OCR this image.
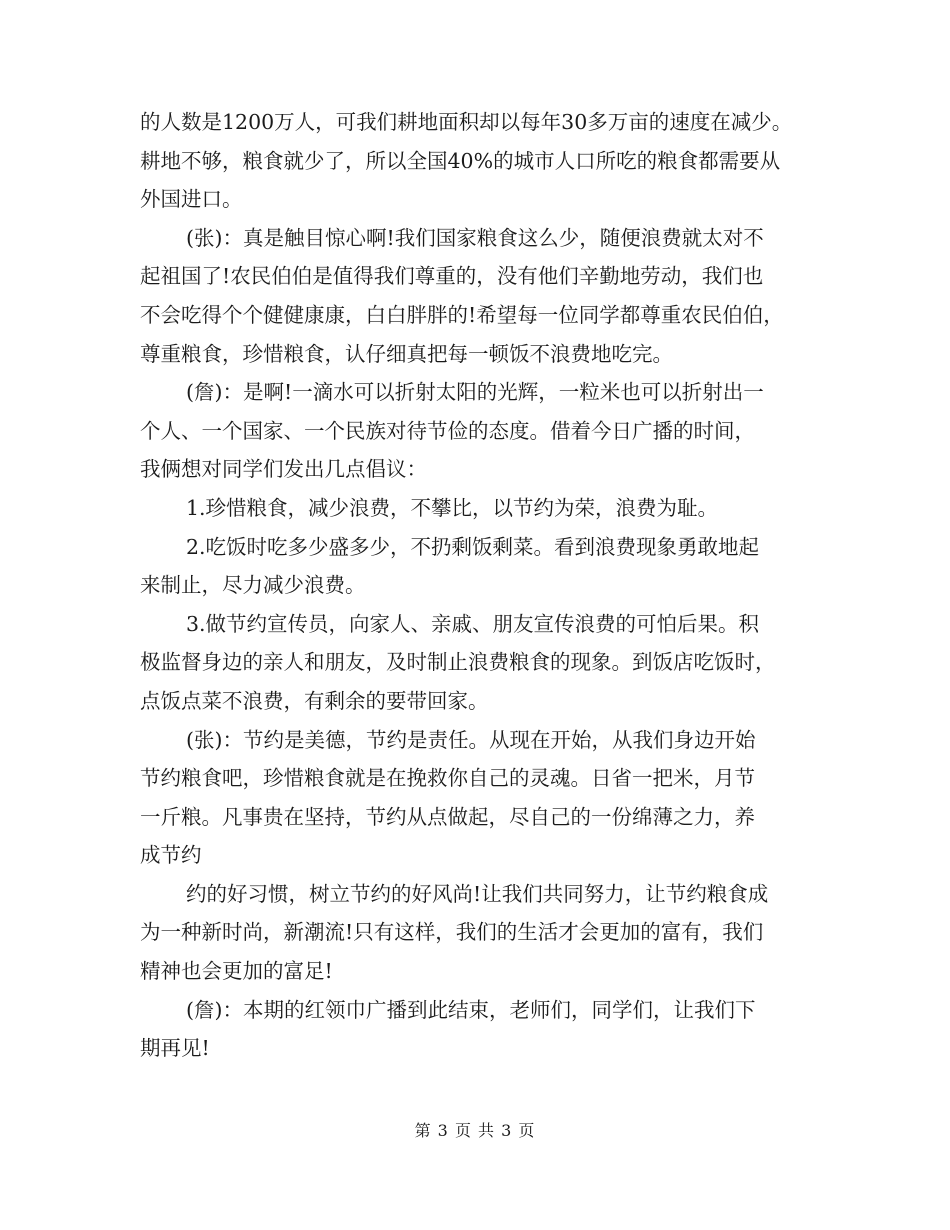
的人数是1200万人，可我们耕地面积却以每年30多万亩的速度在减少。
耕地不够，粮食就少了，所以全国40%的城市人口所吃的粮食都需要从
外国进口。
(张)：真是触目惊心啊!我们国家粮食这么少，随便浪费就太对不
起祖国了!农民伯伯是值得我们尊重的，没有他们辛勤地劳动，我们也
不会吃得个个健健康康，白白胖胖的!希望每一位同学都尊重农民伯伯，
尊重粮食，珍惜粮食，认仔细真把每一顿饭不浪费地吃完。
(詹)：是啊!一滴水可以折射太阳的光辉，一粒米也可以折射出一
个人、一个国家、一个民族对待节俭的态度。借着今日广播的时间，
我俩想对同学们发出几点倡议：
1.珍惜粮食，减少浪费，不攀比，以节约为荣，浪费为耻。
2.吃饭时吃多少盛多少，不扔剩饭剩菜。看到浪费现象勇敢地起
来制止，尽力减少浪费。
3.做节约宣传员，向家人、亲戚、朋友宣传浪费的可怕后果。积
极监督身边的亲人和朋友，及时制止浪费粮食的现象。到饭店吃饭时，
点饭点菜不浪费，有剩余的要带回家。
(张)：节约是美德，节约是责任。从现在开始，从我们身边开始
节约粮食吧，珍惜粮食就是在挽救你自己的灵魂。日省一把米，月节
一斤粮。凡事贵在坚持，节约从点做起，尽自己的一份绵薄之力，养
成节约
约的好习惯，树立节约的好风尚!让我们共同努力，让节约粮食成
为一种新时尚，新潮流!只有这样，我们的生活才会更加的富有，我们
精神也会更加的富足!
(詹)：本期的红领巾广播到此结束，老师们，同学们，让我们下
期再见!
第 3 页 共 3 页
